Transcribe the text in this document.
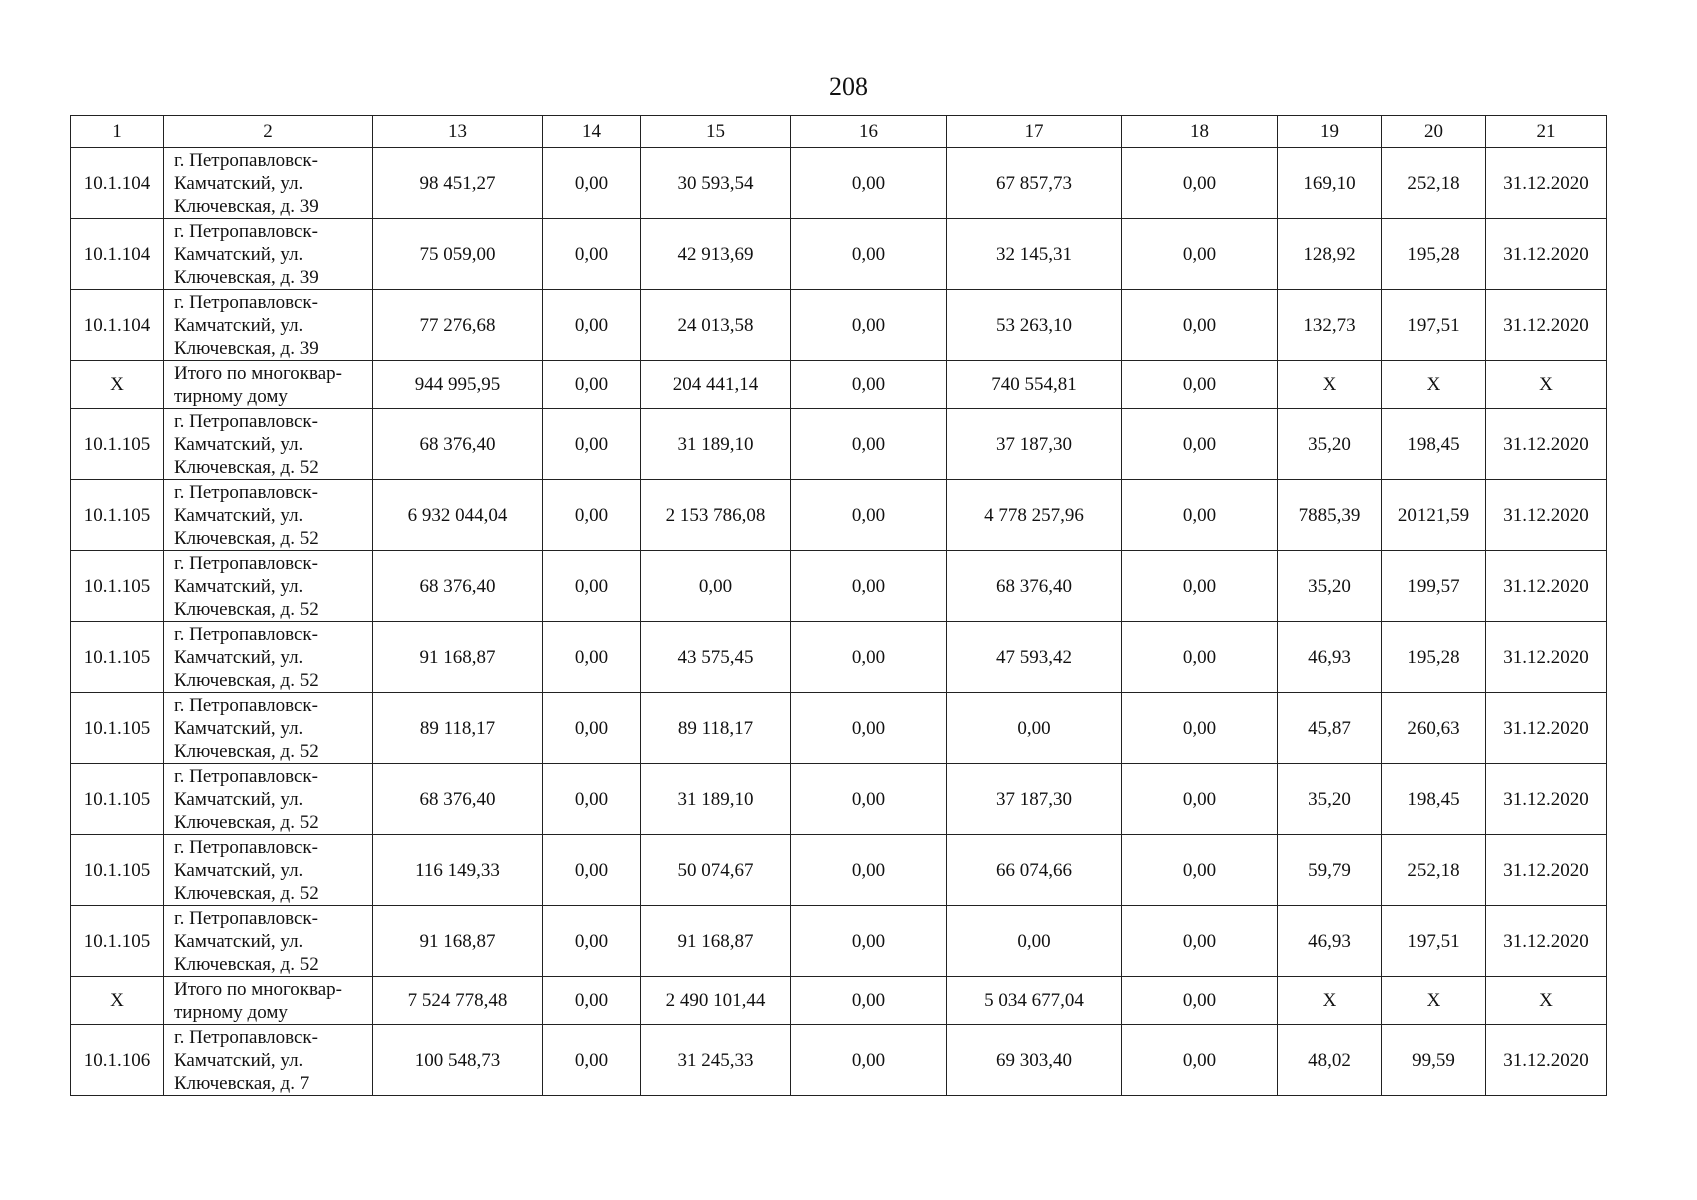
208
1	2	13	14	15	16	17	18	19	20	21
10.1.104	г. Петропавловск-
Камчатский, ул.
Ключевская, д. 39	98 451,27	0,00	30 593,54	0,00	67 857,73	0,00	169,10	252,18	31.12.2020
10.1.104	г. Петропавловск-
Камчатский, ул.
Ключевская, д. 39	75 059,00	0,00	42 913,69	0,00	32 145,31	0,00	128,92	195,28	31.12.2020
10.1.104	г. Петропавловск-
Камчатский, ул.
Ключевская, д. 39	77 276,68	0,00	24 013,58	0,00	53 263,10	0,00	132,73	197,51	31.12.2020
X	Итого по многоквар-
тирному дому	944 995,95	0,00	204 441,14	0,00	740 554,81	0,00	X	X	X
10.1.105	г. Петропавловск-
Камчатский, ул.
Ключевская, д. 52	68 376,40	0,00	31 189,10	0,00	37 187,30	0,00	35,20	198,45	31.12.2020
10.1.105	г. Петропавловск-
Камчатский, ул.
Ключевская, д. 52	6 932 044,04	0,00	2 153 786,08	0,00	4 778 257,96	0,00	7885,39	20121,59	31.12.2020
10.1.105	г. Петропавловск-
Камчатский, ул.
Ключевская, д. 52	68 376,40	0,00	0,00	0,00	68 376,40	0,00	35,20	199,57	31.12.2020
10.1.105	г. Петропавловск-
Камчатский, ул.
Ключевская, д. 52	91 168,87	0,00	43 575,45	0,00	47 593,42	0,00	46,93	195,28	31.12.2020
10.1.105	г. Петропавловск-
Камчатский, ул.
Ключевская, д. 52	89 118,17	0,00	89 118,17	0,00	0,00	0,00	45,87	260,63	31.12.2020
10.1.105	г. Петропавловск-
Камчатский, ул.
Ключевская, д. 52	68 376,40	0,00	31 189,10	0,00	37 187,30	0,00	35,20	198,45	31.12.2020
10.1.105	г. Петропавловск-
Камчатский, ул.
Ключевская, д. 52	116 149,33	0,00	50 074,67	0,00	66 074,66	0,00	59,79	252,18	31.12.2020
10.1.105	г. Петропавловск-
Камчатский, ул.
Ключевская, д. 52	91 168,87	0,00	91 168,87	0,00	0,00	0,00	46,93	197,51	31.12.2020
X	Итого по многоквар-
тирному дому	7 524 778,48	0,00	2 490 101,44	0,00	5 034 677,04	0,00	X	X	X
10.1.106	г. Петропавловск-
Камчатский, ул.
Ключевская, д. 7	100 548,73	0,00	31 245,33	0,00	69 303,40	0,00	48,02	99,59	31.12.2020
